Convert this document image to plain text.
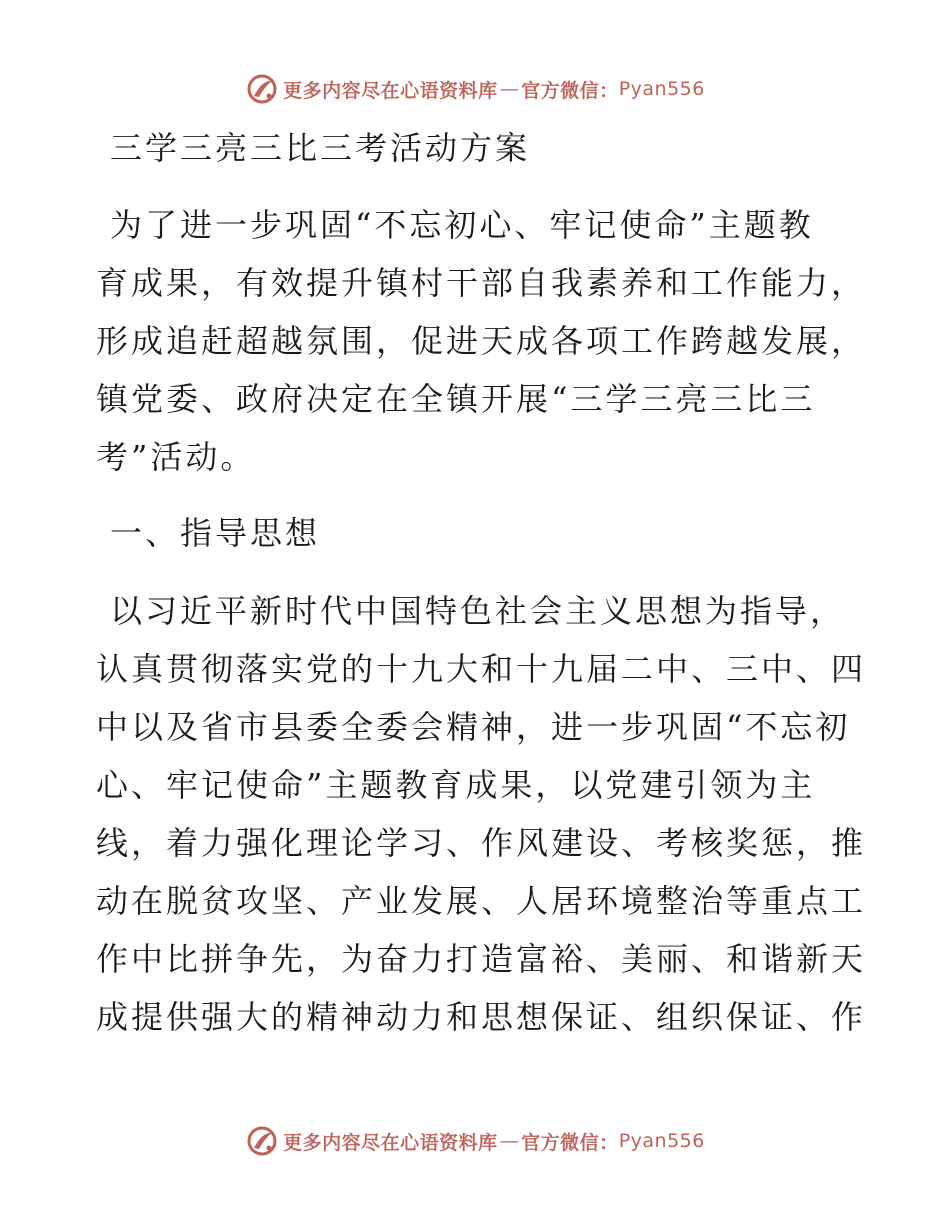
更多内容尽在心语资料库 — 官方微信： Pyan556
三学三亮三比三考活动方案

为了进一步巩固“不忘初心、牢记使命”主题教
育成果，有效提升镇村干部自我素养和工作能力，
形成追赶超越氛围，促进天成各项工作跨越发展，
镇党委、政府决定在全镇开展“三学三亮三比三
考”活动。

一、指导思想

以习近平新时代中国特色社会主义思想为指导，
认真贯彻落实党的十九大和十九届二中、三中、四
中以及省市县委全委会精神，进一步巩固“不忘初
心、牢记使命”主题教育成果，以党建引领为主
线，着力强化理论学习、作风建设、考核奖惩，推
动在脱贫攻坚、产业发展、人居环境整治等重点工
作中比拼争先，为奋力打造富裕、美丽、和谐新天
成提供强大的精神动力和思想保证、组织保证、作

更多内容尽在心语资料库 — 官方微信： Pyan556
